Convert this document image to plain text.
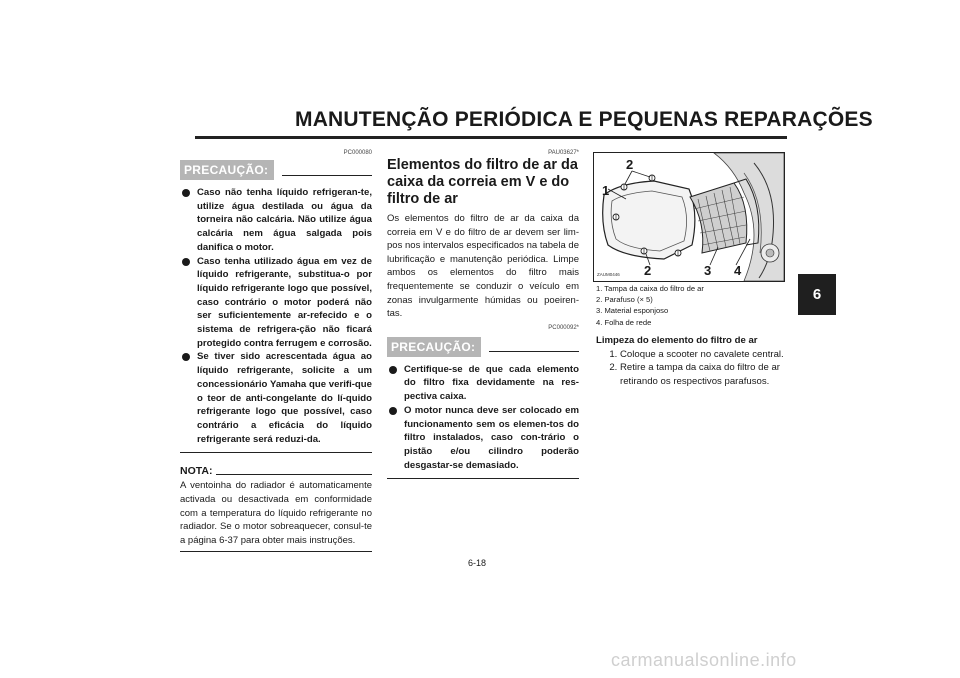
MANUTENÇÃO PERIÓDICA E PEQUENAS REPARAÇÕES
6
PC000080
PRECAUÇÃO:
Caso não tenha líquido refrigeran-te, utilize água destilada ou água da torneira não calcária. Não utilize água calcária nem água salgada pois danifica o motor.
Caso tenha utilizado água em vez de líquido refrigerante, substitua-o por líquido refrigerante logo que possível, caso contrário o motor poderá não ser suficientemente ar-refecido e o sistema de refrigera-ção não ficará protegido contra ferrugem e corrosão.
Se tiver sido acrescentada água ao líquido refrigerante, solicite a um concessionário Yamaha que verifi-que o teor de anti-congelante do lí-quido refrigerante logo que possível, caso contrário a eficácia do líquido refrigerante será reduzi-da.
NOTA:
A ventoinha do radiador é automaticamente activada ou desactivada em conformidade com a temperatura do líquido refrigerante no radiador. Se o motor sobreaquecer, consul-te a página 6-37 para obter mais instruções.
PAU03627*
Elementos do filtro de ar da caixa da correia em V e do filtro de ar
Os elementos do filtro de ar da caixa da correia em V e do filtro de ar devem ser lim-pos nos intervalos especificados na tabela de lubrificação e manutenção periódica. Limpe ambos os elementos do filtro mais frequentemente se conduzir o veículo em zonas invulgarmente húmidas ou poeiren-tas.
PC000092*
PRECAUÇÃO:
Certifique-se de que cada elemento do filtro fixa devidamente na res-pectiva caixa.
O motor nunca deve ser colocado em funcionamento sem os elemen-tos do filtro instalados, caso con-trário o pistão e/ou cilindro poderão desgastar-se demasiado.
1
2
2	3 4
ZAUM0446
1. Tampa da caixa do filtro de ar
2. Parafuso (× 5)
3. Material esponjoso
4. Folha de rede
Limpeza do elemento do filtro de ar
1. Coloque a scooter no cavalete central.
2. Retire a tampa da caixa do filtro de ar retirando os respectivos parafusos.
6-18
carmanualsonline.info
